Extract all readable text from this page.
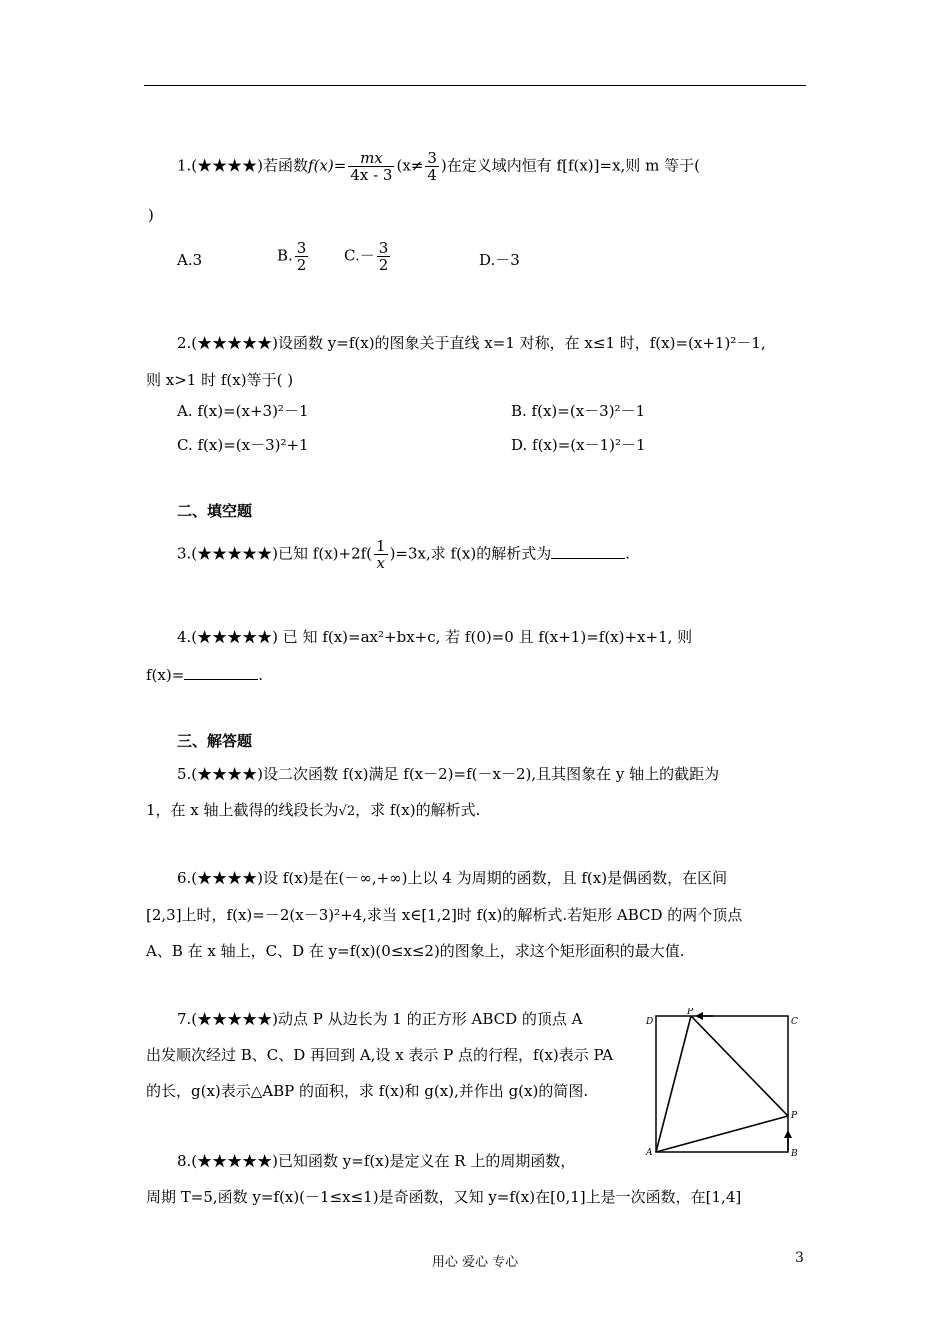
1.(★★★★)若函数$f(x)= \frac{mx}{4x - 3} (x\ne \frac{3}{4}$ )在定义域内恒有 f[f(x)]=x,则 m 等于(
)
A.3	B. $\frac{3}{2} C.- \frac{3}{2}$	D.－3
2.(★★★★★)设函数 y=f(x)的图象关于直线 x=1 对称，在 x≤1 时，f(x)=(x+1)²－1,
则 x>1 时 f(x)等于( )
A. f(x)=(x+3)²－1	B. f(x)=(x－3)²－1
C. f(x)=(x－3)²+1	D. f(x)=(x－1)²－1
二、填空题
3.(★★★★★)已知 $f(x)+2f( \frac{1}{x} )=3x$,求 f(x)的解析式为	.
4.(★★★★★) 已 知 f(x)=ax²+bx+c, 若 f(0)=0 且 f(x+1)=f(x)+x+1, 则
f(x)=	.
三、解答题
5.(★★★★)设二次函数 f(x)满足 f(x－2)=f(－x－2),且其图象在 y 轴上的截距为
1，在 x 轴上截得的线段长为√2，求 f(x)的解析式.
6.(★★★★)设 f(x)是在(－∞,+∞)上以 4 为周期的函数，且 f(x)是偶函数，在区间
[2,3]上时，f(x)=－2(x－3)²+4,求当 x∈[1,2]时 f(x)的解析式.若矩形 ABCD 的两个顶点
A、B 在 x 轴上，C、D 在 y=f(x)(0≤x≤2)的图象上，求这个矩形面积的最大值.
7.(★★★★★)动点 P 从边长为 1 的正方形 ABCD 的顶点 A
出发顺次经过 B、C、D 再回到 A,设 x 表示 P 点的行程，f(x)表示 PA
的长，g(x)表示△ABP 的面积，求 f(x)和 g(x),并作出 g(x)的简图.
A	B
C
D
P
P
8.(★★★★★)已知函数 y=f(x)是定义在 R 上的周期函数，
周期 T=5,函数 y=f(x)(－1≤x≤1)是奇函数，又知 y=f(x)在[0,1]上是一次函数，在[1,4]
用心 爱心 专心	3
